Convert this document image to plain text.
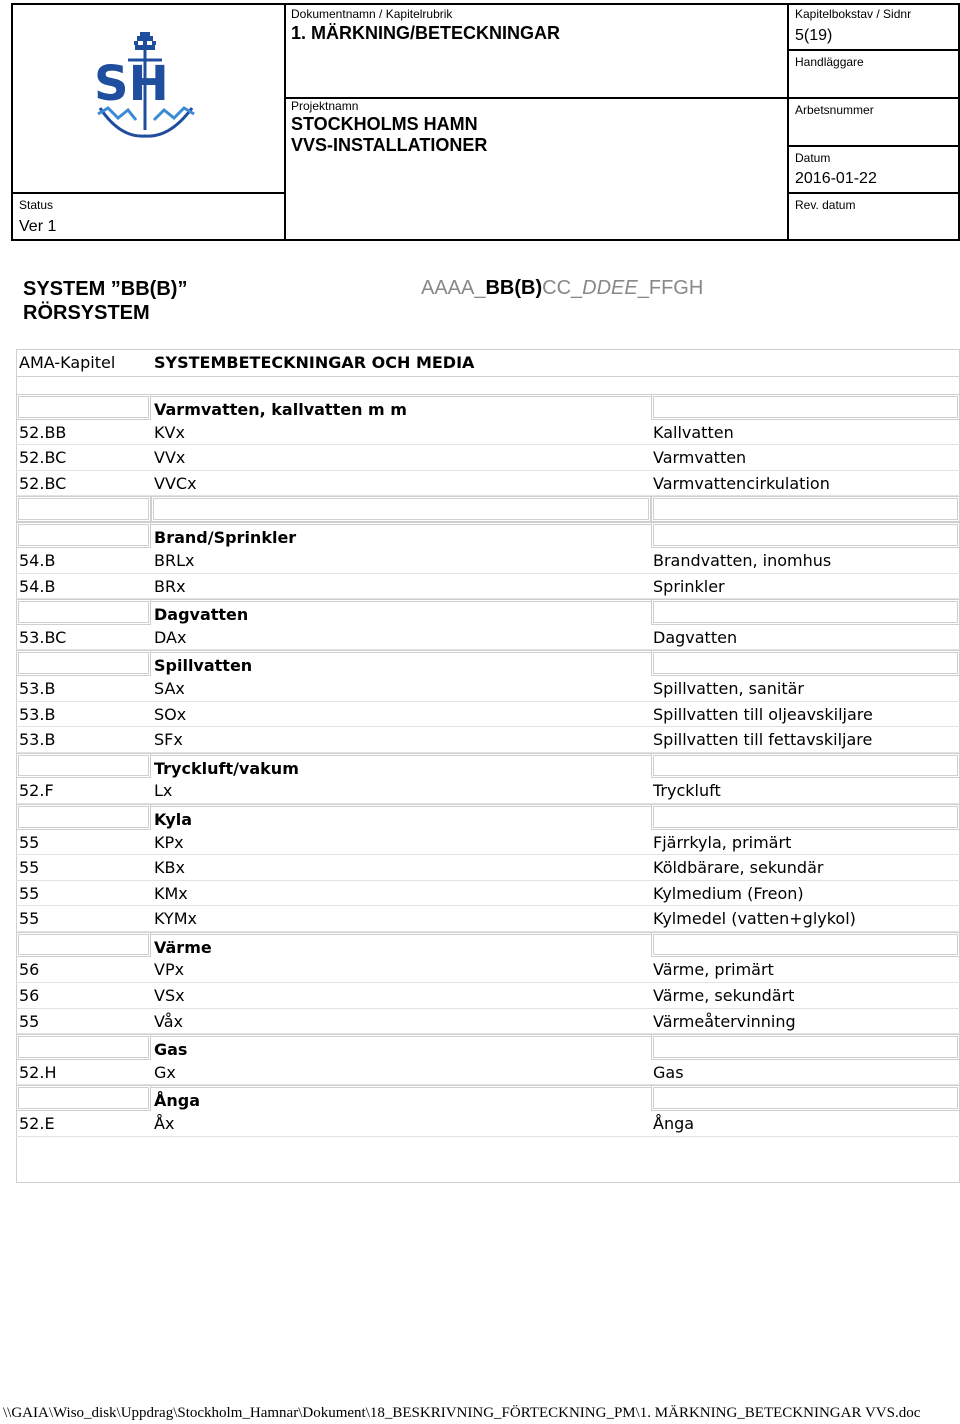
SH
Dokumentnamn / Kapitelrubrik
1. MÄRKNING/BETECKNINGAR
Kapitelbokstav / Sidnr
5(19)
Handläggare
Projektnamn
STOCKHOLMS HAMN
VVS-INSTALLATIONER
Arbetsnummer
Datum
2016-01-22
Status
Ver 1
Rev. datum
SYSTEM ”BB(B)”
RÖRSYSTEM
AAAA_BB(B)CC_DDEE_FFGH
AMA-Kapitel	SYSTEMBETECKNINGAR OCH MEDIA
Varmvatten, kallvatten m m
52.BB	KVx	Kallvatten
52.BC	VVx	Varmvatten
52.BC	VVCx	Varmvattencirkulation
Brand/Sprinkler
54.B	BRLx	Brandvatten, inomhus
54.B	BRx	Sprinkler
Dagvatten
53.BC	DAx	Dagvatten
Spillvatten
53.B	SAx	Spillvatten, sanitär
53.B	SOx	Spillvatten till oljeavskiljare
53.B	SFx	Spillvatten till fettavskiljare
Tryckluft/vakum
52.F	Lx	Tryckluft
Kyla
55	KPx	Fjärrkyla, primärt
55	KBx	Köldbärare, sekundär
55	KMx	Kylmedium (Freon)
55	KYMx	Kylmedel (vatten+glykol)
Värme
56	VPx	Värme, primärt
56	VSx	Värme, sekundärt
55	Våx	Värmeåtervinning
Gas
52.H	Gx	Gas
Ånga
52.E	Åx	Ånga
\\GAIA\Wiso_disk\Uppdrag\Stockholm_Hamnar\Dokument\18_BESKRIVNING_FÖRTECKNING_PM\1. MÄRKNING_BETECKNINGAR VVS.doc
